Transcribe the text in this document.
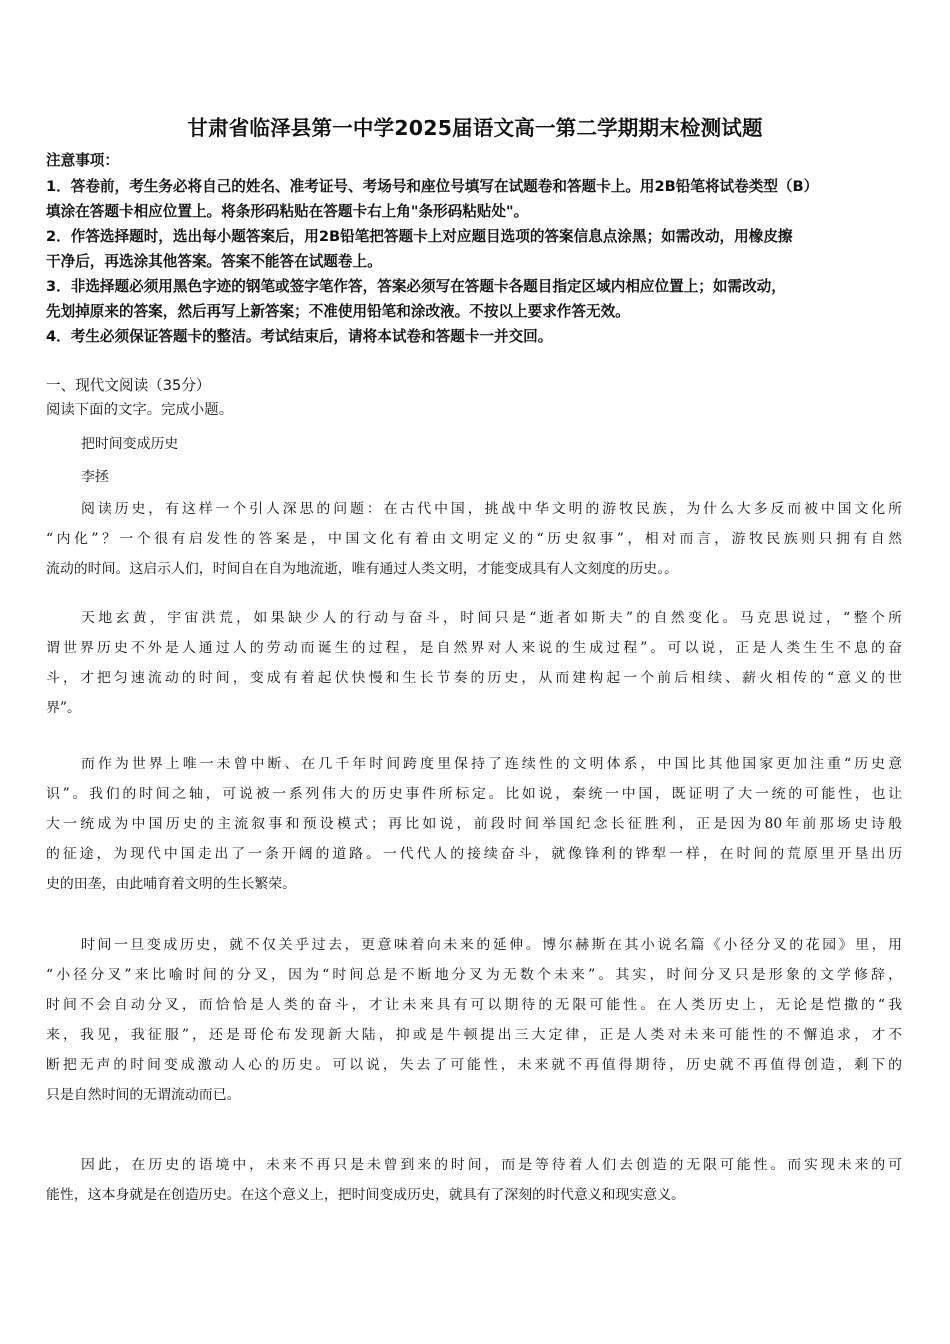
甘肃省临泽县第一中学2025届语文高一第二学期期末检测试题
注意事项：
1．答卷前，考生务必将自己的姓名、准考证号、考场号和座位号填写在试题卷和答题卡上。用2B铅笔将试卷类型（B）
填涂在答题卡相应位置上。将条形码粘贴在答题卡右上角"条形码粘贴处"。
2．作答选择题时，选出每小题答案后，用2B铅笔把答题卡上对应题目选项的答案信息点涂黑；如需改动，用橡皮擦
干净后，再选涂其他答案。答案不能答在试题卷上。
3．非选择题必须用黑色字迹的钢笔或签字笔作答，答案必须写在答题卡各题目指定区域内相应位置上；如需改动，
先划掉原来的答案，然后再写上新答案；不准使用铅笔和涂改液。不按以上要求作答无效。
4．考生必须保证答题卡的整洁。考试结束后，请将本试卷和答题卡一并交回。
一、现代文阅读（35分）
阅读下面的文字。完成小题。
把时间变成历史
李拯
阅读历史，有这样一个引人深思的问题：在古代中国，挑战中华文明的游牧民族，为什么大多反而被中国文化所
“内化”？一个很有启发性的答案是，中国文化有着由文明定义的“历史叙事”，相对而言，游牧民族则只拥有自然
流动的时间。这启示人们，时间自在自为地流逝，唯有通过人类文明，才能变成具有人文刻度的历史。。
天地玄黄，宇宙洪荒，如果缺少人的行动与奋斗，时间只是“逝者如斯夫”的自然变化。马克思说过，“整个所
谓世界历史不外是人通过人的劳动而诞生的过程，是自然界对人来说的生成过程”。可以说，正是人类生生不息的奋
斗，才把匀速流动的时间，变成有着起伏快慢和生长节奏的历史，从而建构起一个前后相续、薪火相传的“意义的世
界”。
而作为世界上唯一未曾中断、在几千年时间跨度里保持了连续性的文明体系，中国比其他国家更加注重“历史意
识”。我们的时间之轴，可说被一系列伟大的历史事件所标定。比如说，秦统一中国，既证明了大一统的可能性，也让
大一统成为中国历史的主流叙事和预设模式；再比如说，前段时间举国纪念长征胜利，正是因为80年前那场史诗般
的征途，为现代中国走出了一条开阔的道路。一代代人的接续奋斗，就像锋利的铧犁一样，在时间的荒原里开垦出历
史的田垄，由此哺育着文明的生长繁荣。
时间一旦变成历史，就不仅关乎过去，更意味着向未来的延伸。博尔赫斯在其小说名篇《小径分叉的花园》里，用
“小径分叉”来比喻时间的分叉，因为“时间总是不断地分叉为无数个未来”。其实，时间分叉只是形象的文学修辞，
时间不会自动分叉，而恰恰是人类的奋斗，才让未来具有可以期待的无限可能性。在人类历史上，无论是恺撒的“我
来，我见，我征服”，还是哥伦布发现新大陆，抑或是牛顿提出三大定律，正是人类对未来可能性的不懈追求，才不
断把无声的时间变成激动人心的历史。可以说，失去了可能性，未来就不再值得期待，历史就不再值得创造，剩下的
只是自然时间的无谓流动而已。
因此，在历史的语境中，未来不再只是未曾到来的时间，而是等待着人们去创造的无限可能性。而实现未来的可
能性，这本身就是在创造历史。在这个意义上，把时间变成历史，就具有了深刻的时代意义和现实意义。
